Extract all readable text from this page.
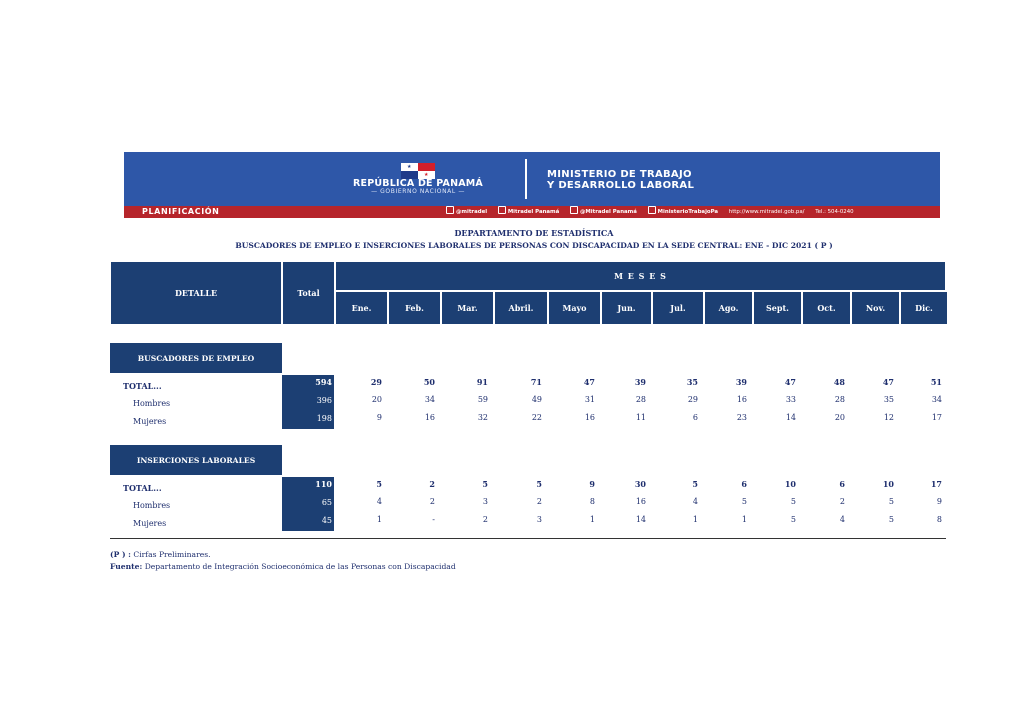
★
★
REPÚBLICA DE PANAMÁ
— GOBIERNO NACIONAL —
MINISTERIO DE TRABAJO
Y DESARROLLO LABORAL
PLANIFICACIÓN	@mitradel	Mitradel Panamá	@Mitradel Panamá	MinisterioTrabajoPa http://www.mitradel.gob.pa/ Tel.: 504-0240
DEPARTAMENTO DE ESTADÍSTICA
BUSCADORES DE EMPLEO E INSERCIONES LABORALES DE PERSONAS CON DISCAPACIDAD EN LA SEDE CENTRAL: ENE - DIC 2021 ( P )
DETALLE	Total
M E S E S
Ene.	Feb.	Mar.	Abril.	Mayo	Jun.	Jul.	Ago.	Sept.	Oct.	Nov.	Dic.
BUSCADORES DE EMPLEO
TOTAL...	594	29	50	91	71	47	39	35	39	47	48	47	51
Hombres	396	20	34	59	49	31	28	29	16	33	28	35	34
Mujeres	198	9	16	32	22	16	11	6	23	14	20	12	17
INSERCIONES LABORALES
TOTAL...	110	5	2	5	5	9	30	5	6	10	6	10	17
Hombres	65	4	2	3	2	8	16	4	5	5	2	5	9
Mujeres	45	1	-	2	3	1	14	1	1	5	4	5	8
(P ) : Cirfas Preliminares.
Fuente: Departamento de Integración Socioeconómica de las Personas con Discapacidad
